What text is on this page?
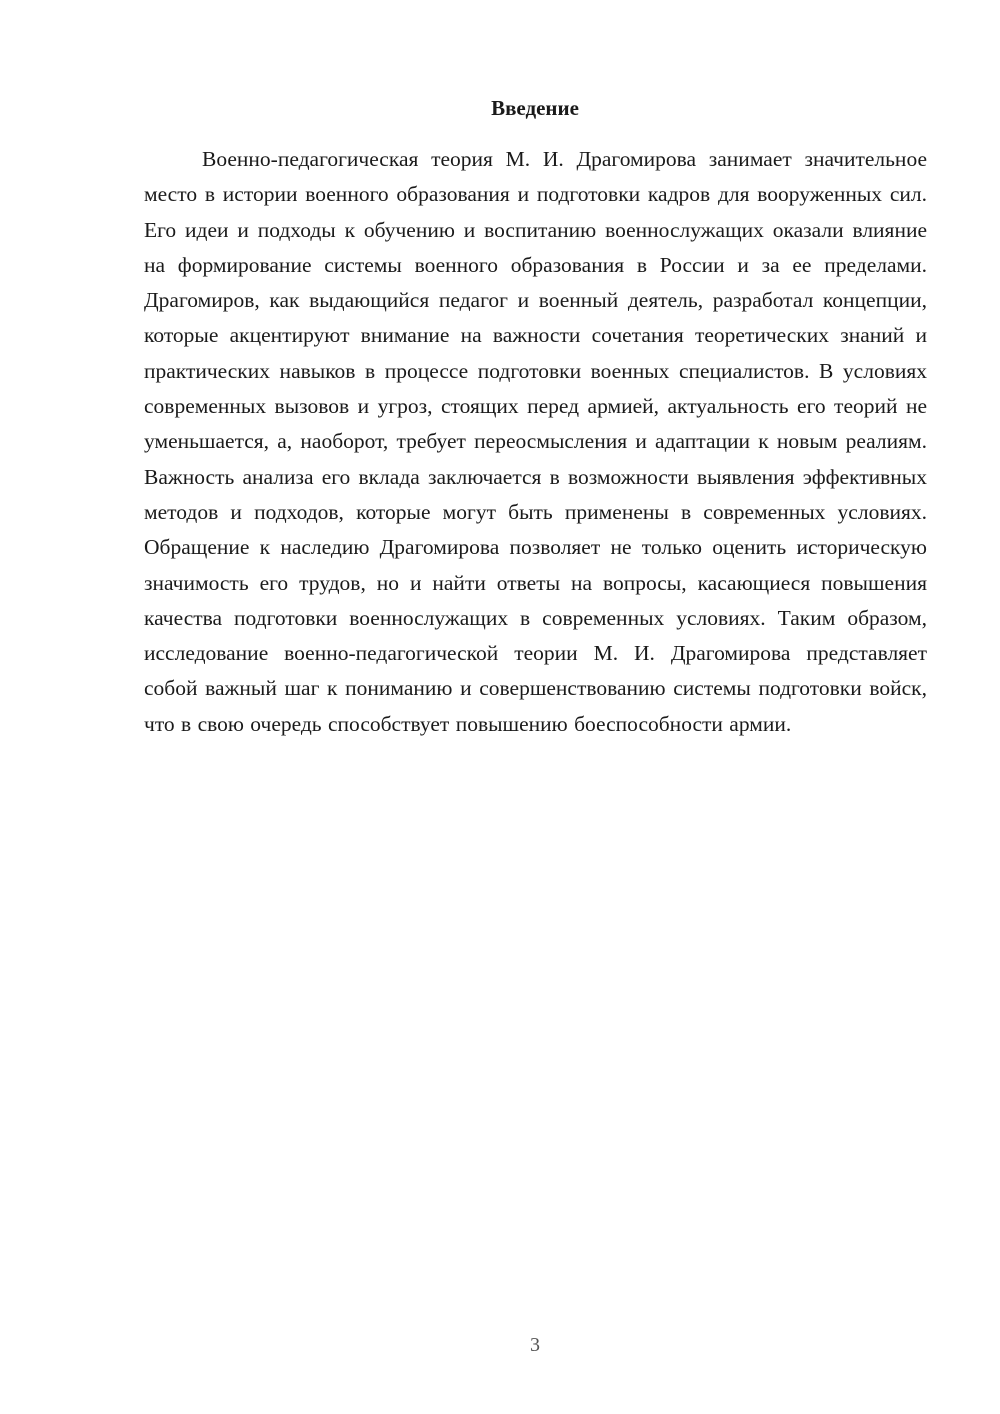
Введение

Военно-педагогическая теория М. И. Драгомирова занимает значительное место в истории военного образования и подготовки кадров для вооруженных сил. Его идеи и подходы к обучению и воспитанию военнослужащих оказали влияние на формирование системы военного образования в России и за ее пределами. Драгомиров, как выдающийся педагог и военный деятель, разработал концепции, которые акцентируют внимание на важности сочетания теоретических знаний и практических навыков в процессе подготовки военных специалистов. В условиях современных вызовов и угроз, стоящих перед армией, актуальность его теорий не уменьшается, а, наоборот, требует переосмысления и адаптации к новым реалиям. Важность анализа его вклада заключается в возможности выявления эффективных методов и подходов, которые могут быть применены в современных условиях. Обращение к наследию Драгомирова позволяет не только оценить историческую значимость его трудов, но и найти ответы на вопросы, касающиеся повышения качества подготовки военнослужащих в современных условиях. Таким образом, исследование военно-педагогической теории М. И. Драгомирова представляет собой важный шаг к пониманию и совершенствованию системы подготовки войск, что в свою очередь способствует повышению боеспособности армии.

3
